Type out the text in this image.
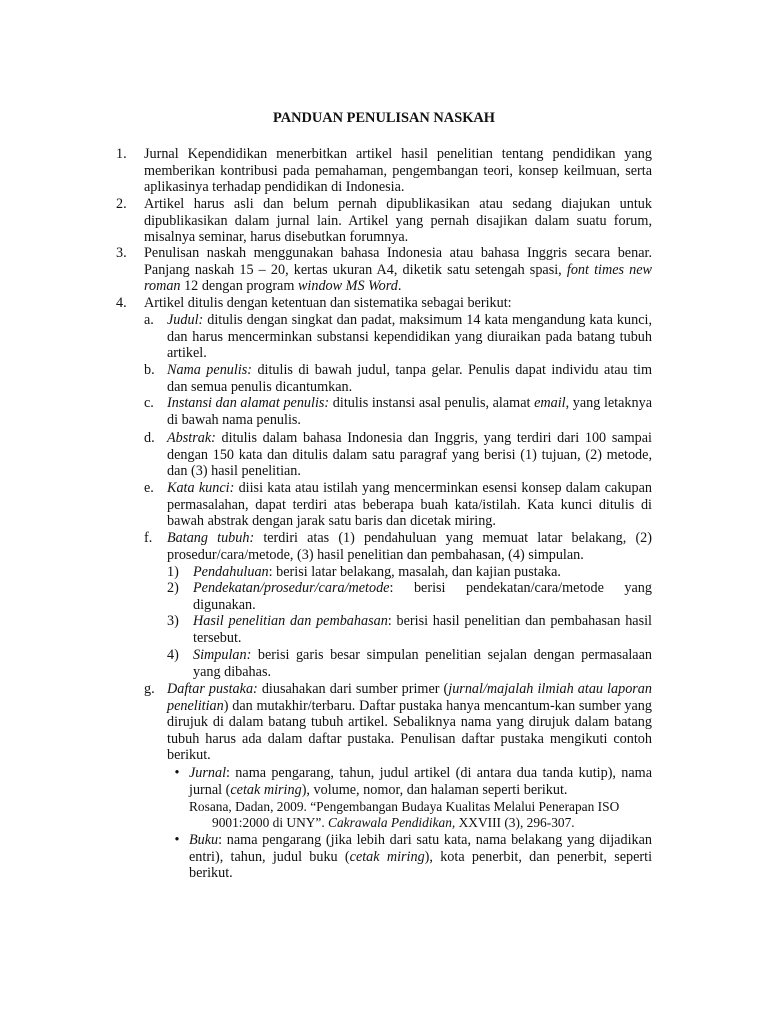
PANDUAN PENULISAN NASKAH
1.	Jurnal Kependidikan menerbitkan artikel hasil penelitian tentang pendidikan yang memberikan kontribusi pada pemahaman, pengembangan teori, konsep keilmuan, serta aplikasinya terhadap pendidikan di Indonesia.
2.	Artikel harus asli dan belum pernah dipublikasikan atau sedang diajukan untuk dipublikasikan dalam jurnal lain. Artikel yang pernah disajikan dalam suatu forum, misalnya seminar, harus disebutkan forumnya.
3.	Penulisan naskah menggunakan bahasa Indonesia atau bahasa Inggris secara benar. Panjang naskah 15 – 20, kertas ukuran A4, diketik satu setengah spasi, font times new roman 12 dengan program window MS Word.
4.	Artikel ditulis dengan ketentuan dan sistematika sebagai berikut:
a. Judul: ditulis dengan singkat dan padat, maksimum 14 kata mengandung kata kunci, dan harus mencerminkan substansi kependidikan yang diuraikan pada batang tubuh artikel.
b. Nama penulis: ditulis di bawah judul, tanpa gelar. Penulis dapat individu atau tim dan semua penulis dicantumkan.
c. Instansi dan alamat penulis: ditulis instansi asal penulis, alamat email, yang letaknya di bawah nama penulis.
d. Abstrak: ditulis dalam bahasa Indonesia dan Inggris, yang terdiri dari 100 sampai dengan 150 kata dan ditulis dalam satu paragraf yang berisi (1) tujuan, (2) metode, dan (3) hasil penelitian.
e. Kata kunci: diisi kata atau istilah yang mencerminkan esensi konsep dalam cakupan permasalahan, dapat terdiri atas beberapa buah kata/istilah. Kata kunci ditulis di bawah abstrak dengan jarak satu baris dan dicetak miring.
f.	Batang tubuh: terdiri atas (1) pendahuluan yang memuat latar belakang, (2) prosedur/cara/metode, (3) hasil penelitian dan pembahasan, (4) simpulan.
1) Pendahuluan: berisi latar belakang, masalah, dan kajian pustaka.
2) Pendekatan/prosedur/cara/metode: berisi pendekatan/cara/metode yang digunakan.
3) Hasil penelitian dan pembahasan: berisi hasil penelitian dan pembahasan hasil tersebut.
4) Simpulan: berisi garis besar simpulan penelitian sejalan dengan permasalaan yang dibahas.
g. Daftar pustaka: diusahakan dari sumber primer (jurnal/majalah ilmiah atau laporan penelitian) dan mutakhir/terbaru. Daftar pustaka hanya mencantum-kan sumber yang dirujuk di dalam batang tubuh artikel. Sebaliknya nama yang dirujuk dalam batang tubuh harus ada dalam daftar pustaka. Penulisan daftar pustaka mengikuti contoh berikut.
• Jurnal: nama pengarang, tahun, judul artikel (di antara dua tanda kutip), nama jurnal (cetak miring), volume, nomor, dan halaman seperti berikut.
Rosana, Dadan, 2009. “Pengembangan Budaya Kualitas Melalui Penerapan ISO
9001:2000 di UNY”. Cakrawala Pendidikan, XXVIII (3), 296-307.
• Buku: nama pengarang (jika lebih dari satu kata, nama belakang yang dijadikan entri), tahun, judul buku (cetak miring), kota penerbit, dan penerbit, seperti berikut.
